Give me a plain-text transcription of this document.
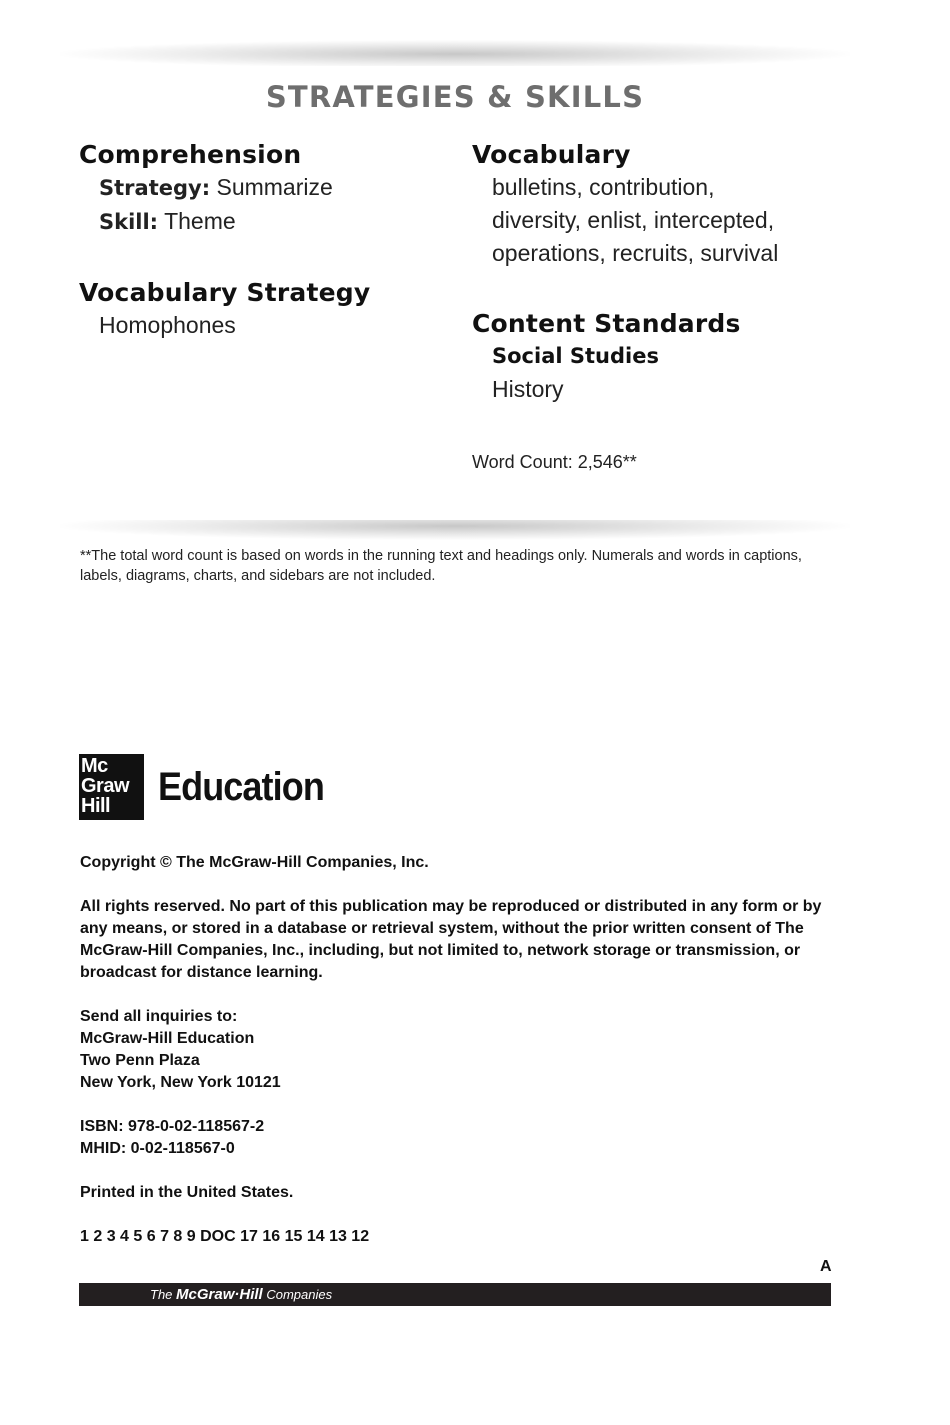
STRATEGIES & SKILLS
Comprehension
Strategy: Summarize
Skill: Theme
Vocabulary Strategy
Homophones
Vocabulary
bulletins, contribution,
diversity, enlist, intercepted,
operations, recruits, survival
Content Standards
Social Studies
History
Word Count: 2,546**
**The total word count is based on words in the running text and headings only. Numerals and words in captions,
labels, diagrams, charts, and sidebars are not included.
Mc
Graw
Hill	Education
Copyright © The McGraw-Hill Companies, Inc.
All rights reserved. No part of this publication may be reproduced or distributed in any form or by
any means, or stored in a database or retrieval system, without the prior written consent of The
McGraw-Hill Companies, Inc., including, but not limited to, network storage or transmission, or
broadcast for distance learning.
Send all inquiries to:
McGraw-Hill Education
Two Penn Plaza
New York, New York 10121
ISBN: 978-0-02-118567-2
MHID: 0-02-118567-0
Printed in the United States.
1 2 3 4 5 6 7 8 9 DOC 17 16 15 14 13 12
A
The McGraw·Hill Companies
